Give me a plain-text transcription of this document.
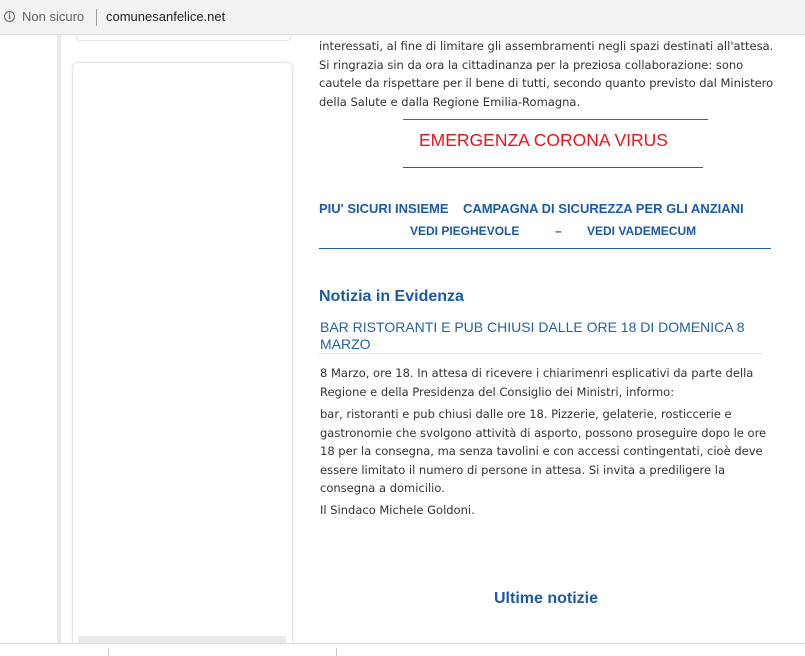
i Non sicuro comunesanfelice.net

interessati, al fine di limitare gli assembramenti negli spazi destinati all'attesa. Si ringrazia sin da ora la cittadinanza per la preziosa collaborazione: sono cautele da rispettare per il bene di tutti, secondo quanto previsto dal Ministero della Salute e dalla Regione Emilia-Romagna.

EMERGENZA CORONA VIRUS
PIU' SICURI INSIEME    CAMPAGNA DI SICUREZZA PER GLI ANZIANI
VEDI PIEGHEVOLE	– VEDI VADEMECUM
Notizia in Evidenza
BAR RISTORANTI E PUB CHIUSI DALLE ORE 18 DI DOMENICA 8 MARZO

8 Marzo, ore 18. In attesa di ricevere i chiarimenri esplicativi da parte della Regione e della Presidenza del Consiglio dei Ministri, informo:

bar, ristoranti e pub chiusi dalle ore 18. Pizzerie, gelaterie, rosticcerie e gastronomie che svolgono attività di asporto, possono proseguire dopo le ore 18 per la consegna, ma senza tavolini e con accessi contingentati, cioè deve essere limitato il numero di persone in attesa. Si invita a prediligere la consegna a domicilio.

Il Sindaco Michele Goldoni.

Ultime notizie
